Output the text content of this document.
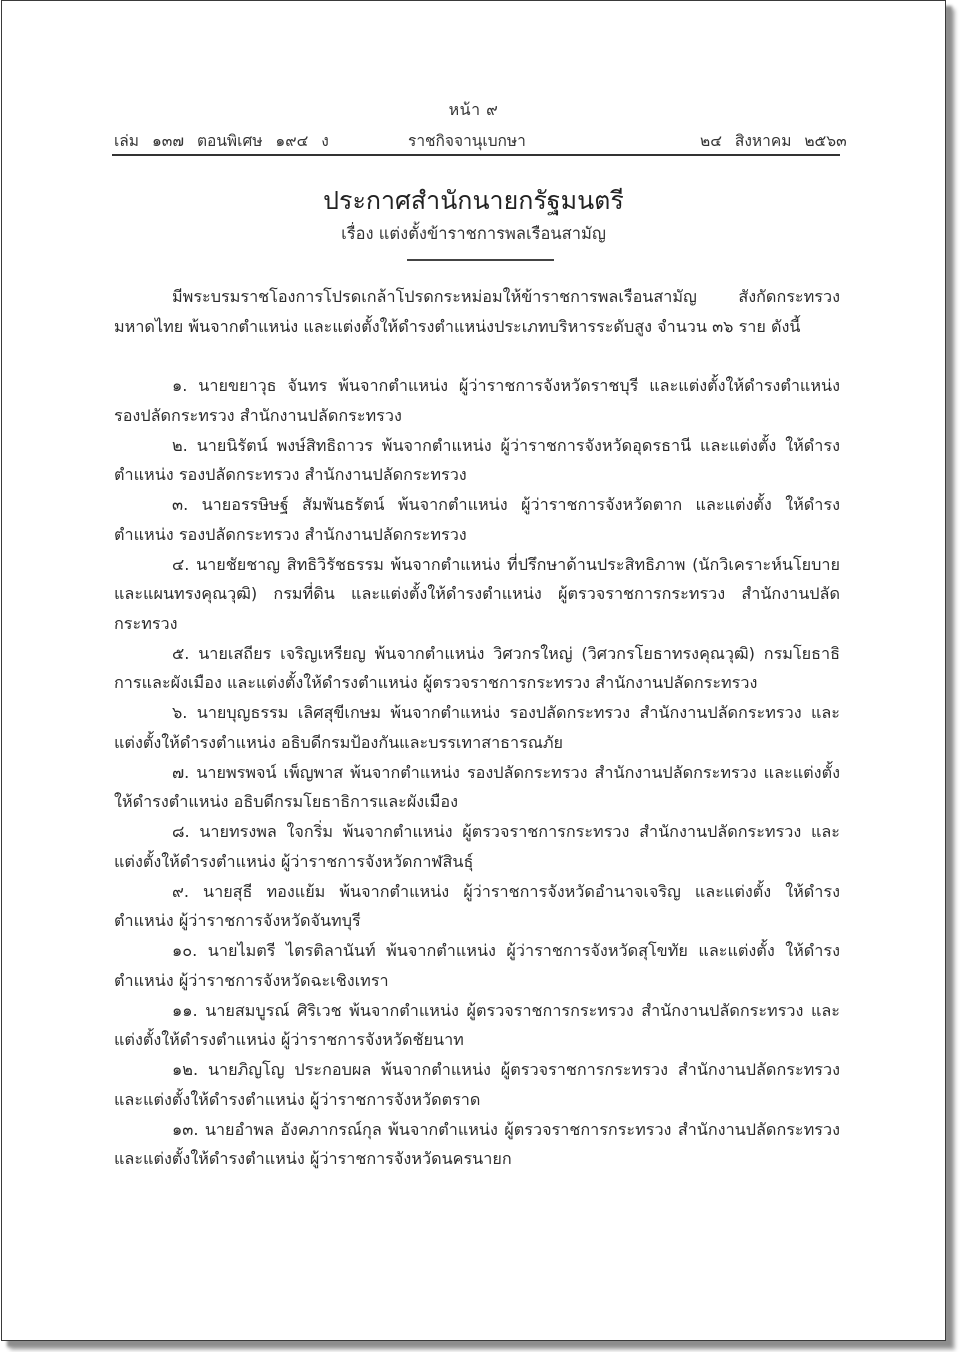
หน้า ๙
เล่ม ๑๓๗ ตอนพิเศษ ๑๙๔ ง	ราชกิจจานุเบกษา	๒๔ สิงหาคม ๒๕๖๓
ประกาศสำนักนายกรัฐมนตรี
เรื่อง แต่งตั้งข้าราชการพลเรือนสามัญ

มีพระบรมราชโองการโปรดเกล้าโปรดกระหม่อมให้ข้าราชการพลเรือนสามัญ สังกัดกระทรวงมหาดไทย พ้นจากตำแหน่ง และแต่งตั้งให้ดำรงตำแหน่งประเภทบริหารระดับสูง จำนวน ๓๖ ราย ดังนี้

๑. นายขยาวุธ จันทร พ้นจากตำแหน่ง ผู้ว่าราชการจังหวัดราชบุรี และแต่งตั้งให้ดำรงตำแหน่ง รองปลัดกระทรวง สำนักงานปลัดกระทรวง

๒. นายนิรัตน์ พงษ์สิทธิถาวร พ้นจากตำแหน่ง ผู้ว่าราชการจังหวัดอุดรธานี และแต่งตั้ง ให้ดำรงตำแหน่ง รองปลัดกระทรวง สำนักงานปลัดกระทรวง

๓. นายอรรษิษฐ์ สัมพันธรัตน์ พ้นจากตำแหน่ง ผู้ว่าราชการจังหวัดตาก และแต่งตั้ง ให้ดำรงตำแหน่ง รองปลัดกระทรวง สำนักงานปลัดกระทรวง

๔. นายชัยชาญ สิทธิวิรัชธรรม พ้นจากตำแหน่ง ที่ปรึกษาด้านประสิทธิภาพ (นักวิเคราะห์นโยบาย และแผนทรงคุณวุฒิ) กรมที่ดิน และแต่งตั้งให้ดำรงตำแหน่ง ผู้ตรวจราชการกระทรวง สำนักงานปลัดกระทรวง

๕. นายเสถียร เจริญเหรียญ พ้นจากตำแหน่ง วิศวกรใหญ่ (วิศวกรโยธาทรงคุณวุฒิ) กรมโยธาธิการและผังเมือง และแต่งตั้งให้ดำรงตำแหน่ง ผู้ตรวจราชการกระทรวง สำนักงานปลัดกระทรวง

๖. นายบุญธรรม เลิศสุขีเกษม พ้นจากตำแหน่ง รองปลัดกระทรวง สำนักงานปลัดกระทรวง และแต่งตั้งให้ดำรงตำแหน่ง อธิบดีกรมป้องกันและบรรเทาสาธารณภัย

๗. นายพรพจน์ เพ็ญพาส พ้นจากตำแหน่ง รองปลัดกระทรวง สำนักงานปลัดกระทรวง และแต่งตั้งให้ดำรงตำแหน่ง อธิบดีกรมโยธาธิการและผังเมือง

๘. นายทรงพล ใจกริ่ม พ้นจากตำแหน่ง ผู้ตรวจราชการกระทรวง สำนักงานปลัดกระทรวง และแต่งตั้งให้ดำรงตำแหน่ง ผู้ว่าราชการจังหวัดกาฬสินธุ์

๙. นายสุธี ทองแย้ม พ้นจากตำแหน่ง ผู้ว่าราชการจังหวัดอำนาจเจริญ และแต่งตั้ง ให้ดำรงตำแหน่ง ผู้ว่าราชการจังหวัดจันทบุรี

๑๐. นายไมตรี ไตรติลานันท์ พ้นจากตำแหน่ง ผู้ว่าราชการจังหวัดสุโขทัย และแต่งตั้ง ให้ดำรงตำแหน่ง ผู้ว่าราชการจังหวัดฉะเชิงเทรา

๑๑. นายสมบูรณ์ ศิริเวช พ้นจากตำแหน่ง ผู้ตรวจราชการกระทรวง สำนักงานปลัดกระทรวง และแต่งตั้งให้ดำรงตำแหน่ง ผู้ว่าราชการจังหวัดชัยนาท

๑๒. นายภิญโญ ประกอบผล พ้นจากตำแหน่ง ผู้ตรวจราชการกระทรวง สำนักงานปลัดกระทรวง และแต่งตั้งให้ดำรงตำแหน่ง ผู้ว่าราชการจังหวัดตราด

๑๓. นายอำพล อังคภากรณ์กุล พ้นจากตำแหน่ง ผู้ตรวจราชการกระทรวง สำนักงานปลัดกระทรวง และแต่งตั้งให้ดำรงตำแหน่ง ผู้ว่าราชการจังหวัดนครนายก
